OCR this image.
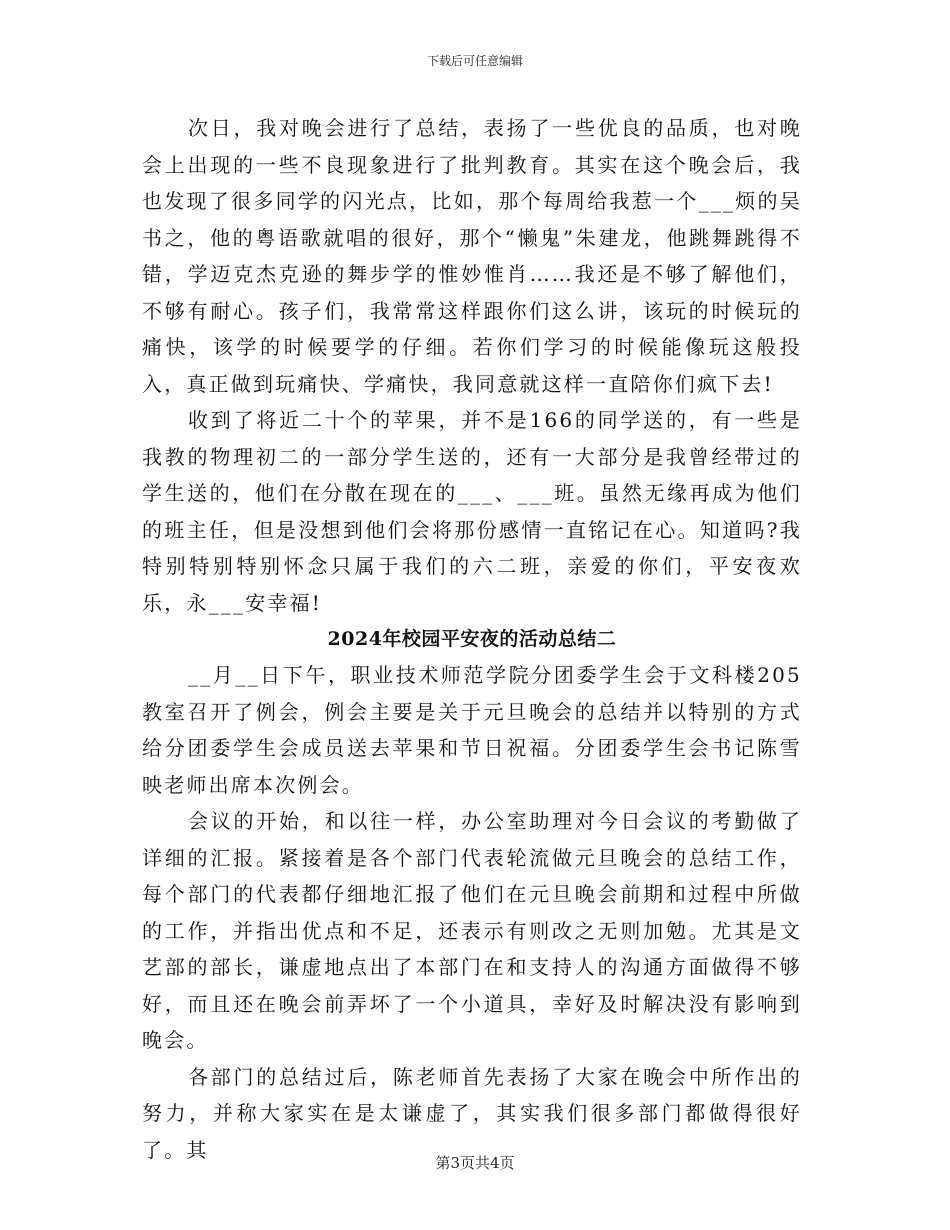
下载后可任意编辑

次日，我对晚会进行了总结，表扬了一些优良的品质，也对晚会上出现的一些不良现象进行了批判教育。其实在这个晚会后，我也发现了很多同学的闪光点，比如，那个每周给我惹一个___烦的吴书之，他的粤语歌就唱的很好，那个“懒鬼”朱建龙，他跳舞跳得不错，学迈克杰克逊的舞步学的惟妙惟肖……我还是不够了解他们，不够有耐心。孩子们，我常常这样跟你们这么讲，该玩的时候玩的痛快，该学的时候要学的仔细。若你们学习的时候能像玩这般投入，真正做到玩痛快、学痛快，我同意就这样一直陪你们疯下去!

收到了将近二十个的苹果，并不是166的同学送的，有一些是我教的物理初二的一部分学生送的，还有一大部分是我曾经带过的学生送的，他们在分散在现在的___、___班。虽然无缘再成为他们的班主任，但是没想到他们会将那份感情一直铭记在心。知道吗?我特别特别特别怀念只属于我们的六二班，亲爱的你们，平安夜欢乐，永___安幸福!

2024年校园平安夜的活动总结二

__月__日下午，职业技术师范学院分团委学生会于文科楼205教室召开了例会，例会主要是关于元旦晚会的总结并以特别的方式给分团委学生会成员送去苹果和节日祝福。分团委学生会书记陈雪映老师出席本次例会。

会议的开始，和以往一样，办公室助理对今日会议的考勤做了详细的汇报。紧接着是各个部门代表轮流做元旦晚会的总结工作，每个部门的代表都仔细地汇报了他们在元旦晚会前期和过程中所做的工作，并指出优点和不足，还表示有则改之无则加勉。尤其是文艺部的部长，谦虚地点出了本部门在和支持人的沟通方面做得不够好，而且还在晚会前弄坏了一个小道具，幸好及时解决没有影响到晚会。

各部门的总结过后，陈老师首先表扬了大家在晚会中所作出的努力，并称大家实在是太谦虚了，其实我们很多部门都做得很好了。其

第3页共4页
